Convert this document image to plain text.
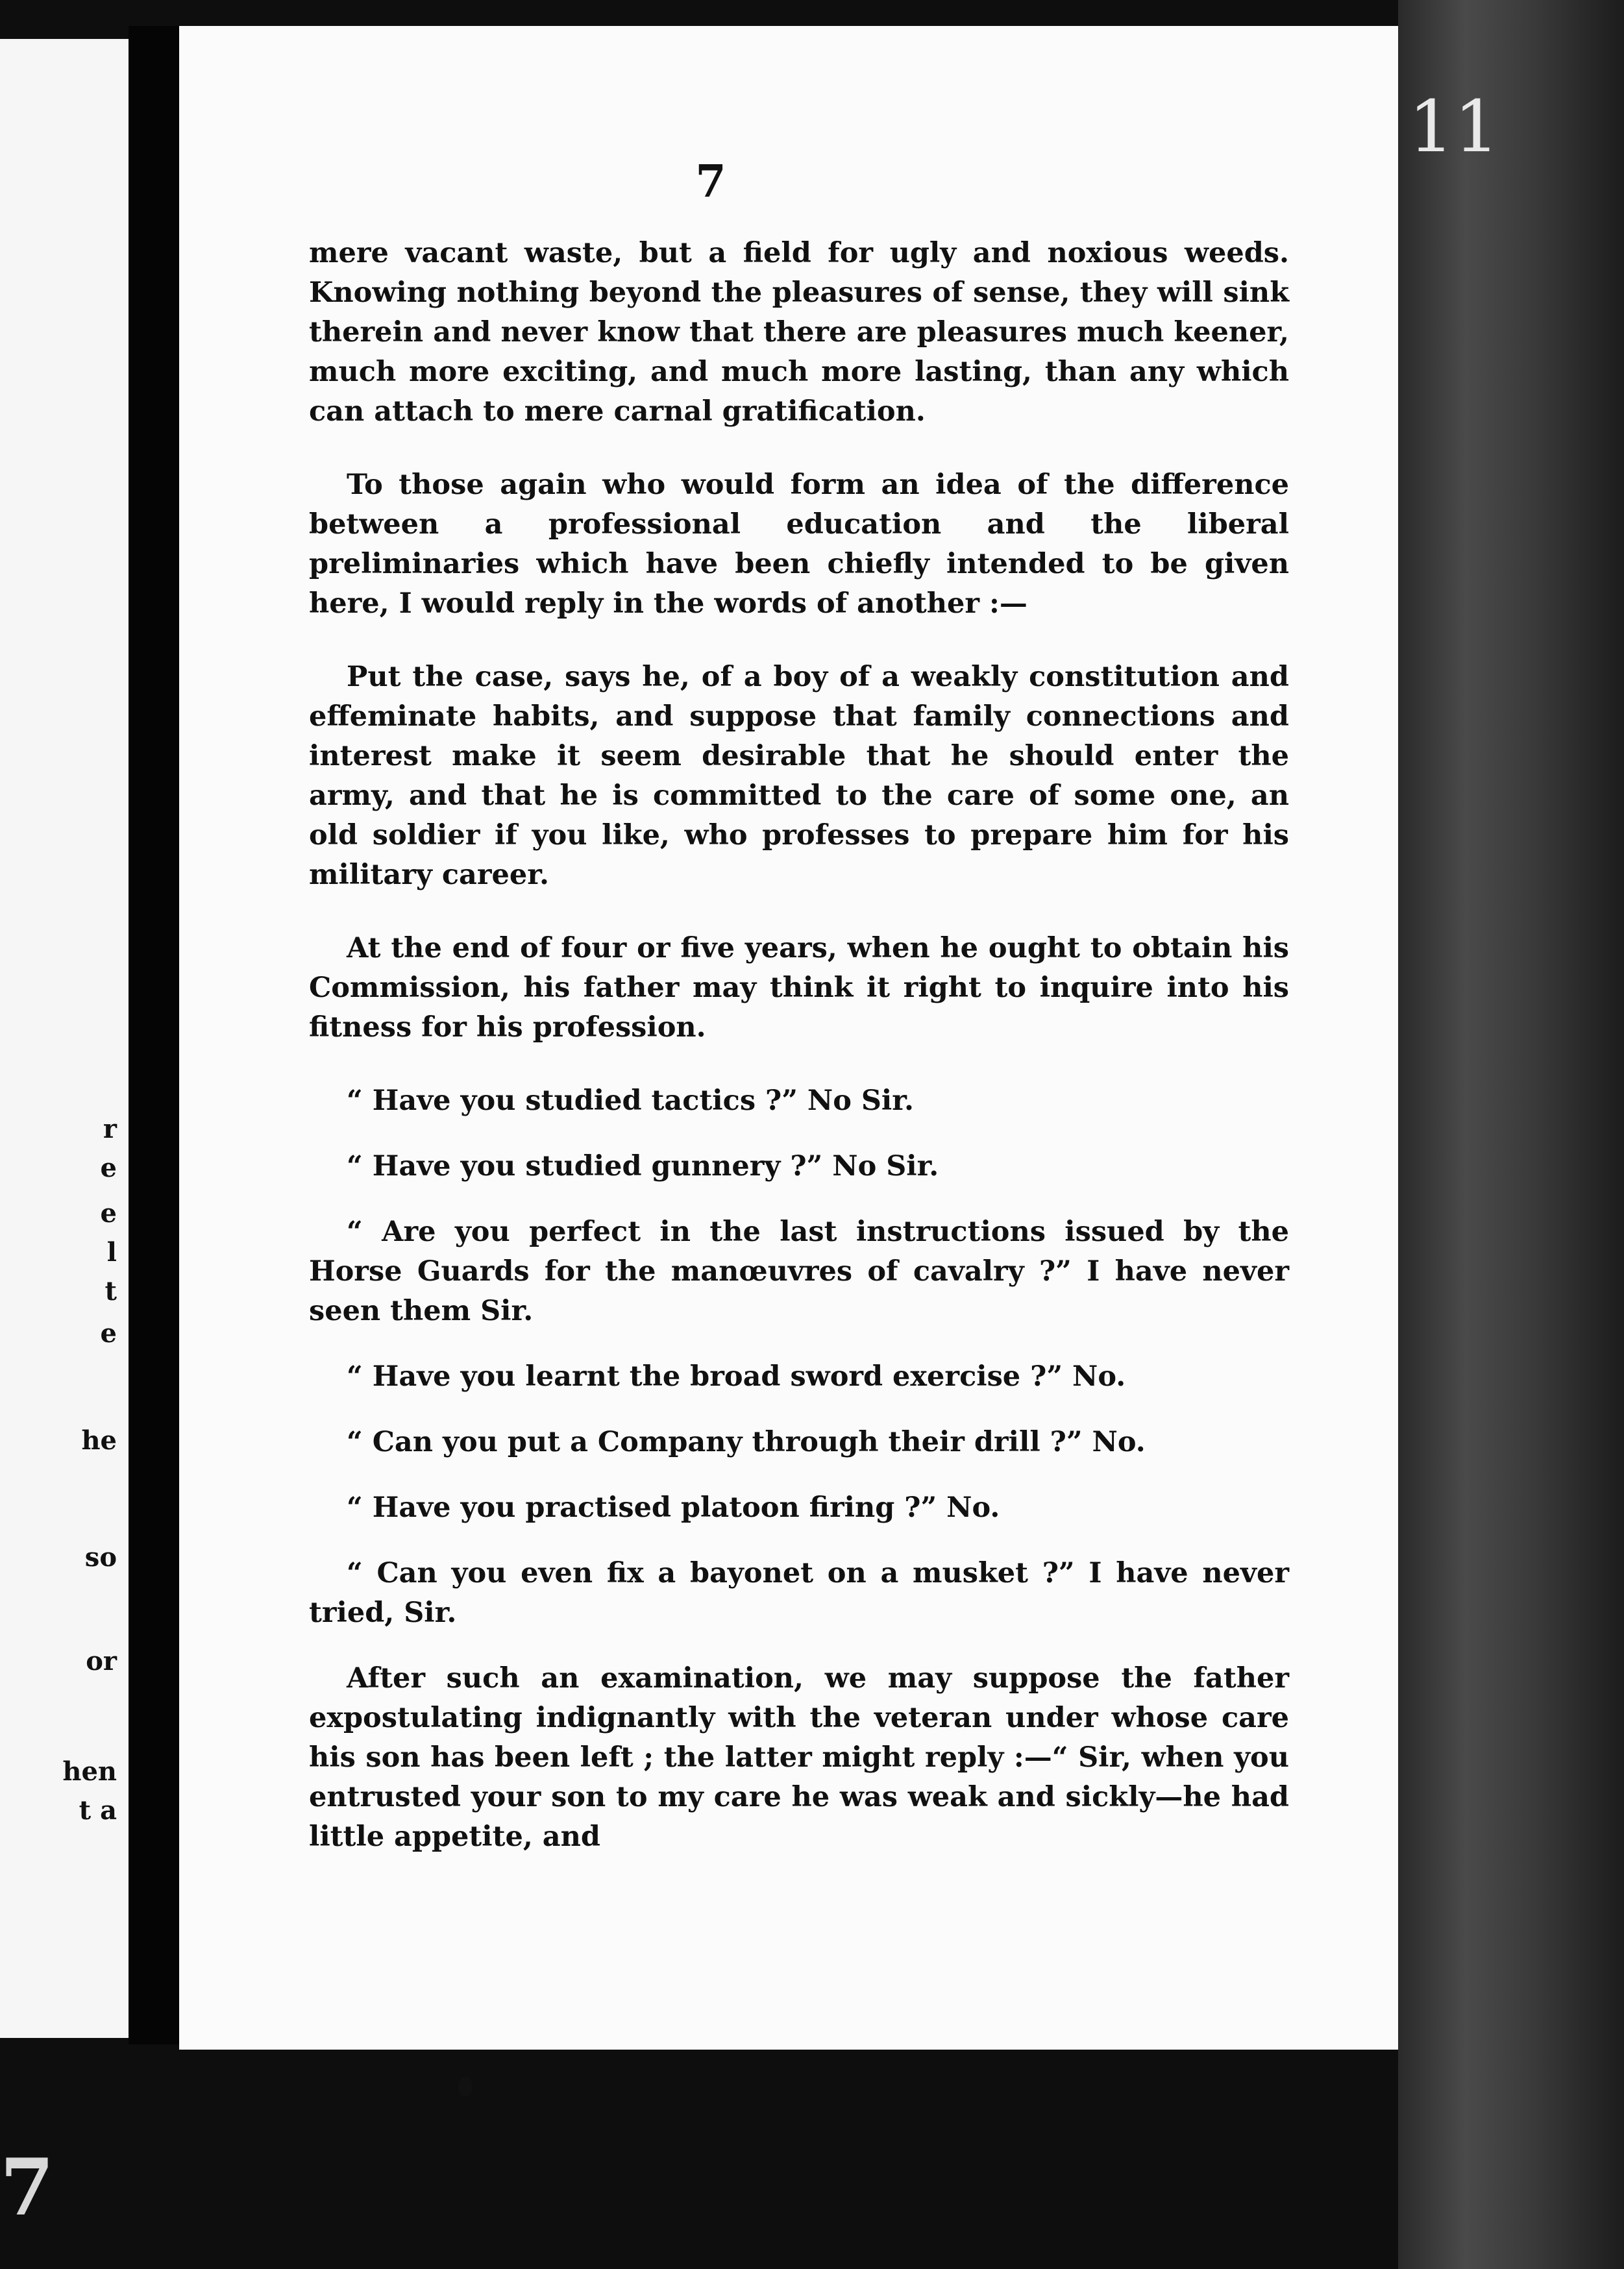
r
e
e
l
t
e
he
so
or
hen
t a
7

mere vacant waste, but a field for ugly and noxious weeds. Knowing nothing beyond the pleasures of sense, they will sink therein and never know that there are pleasures much keener, much more exciting, and much more lasting, than any which can attach to mere carnal gratification.

To those again who would form an idea of the difference between a professional education and the liberal preliminaries which have been chiefly intended to be given here, I would reply in the words of another :—

Put the case, says he, of a boy of a weakly constitution and effeminate habits, and suppose that family connections and interest make it seem desirable that he should enter the army, and that he is committed to the care of some one, an old soldier if you like, who professes to prepare him for his military career.

At the end of four or five years, when he ought to obtain his Commission, his father may think it right to inquire into his fitness for his profession.

“ Have you studied tactics ?” No Sir.

“ Have you studied gunnery ?” No Sir.

“ Are you perfect in the last instructions issued by the Horse Guards for the manœuvres of cavalry ?” I have never seen them Sir.

“ Have you learnt the broad sword exercise ?” No.

“ Can you put a Company through their drill ?” No.

“ Have you practised platoon firing ?” No.

“ Can you even fix a bayonet on a musket ?” I have never tried, Sir.

After such an examination, we may suppose the father expostulating indignantly with the veteran under whose care his son has been left ; the latter might reply :—“ Sir, when you entrusted your son to my care he was weak and sickly—he had little appetite, and

11
7
